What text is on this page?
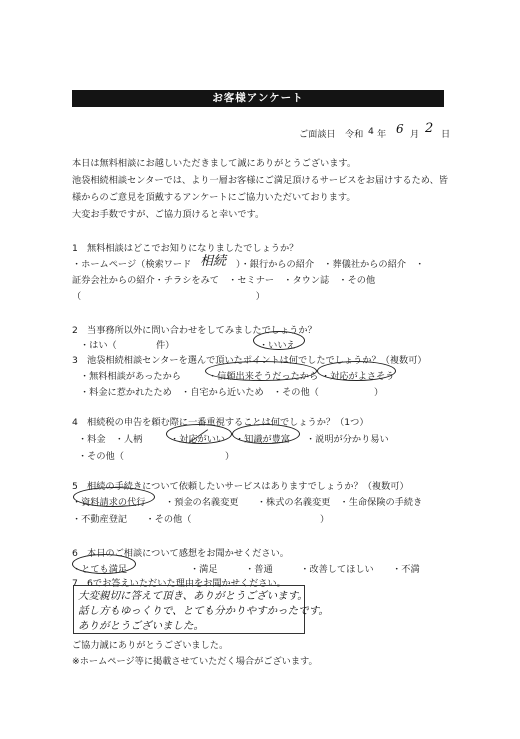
お客様アンケート
ご面談日　令和 4 年 6 月 2 日
本日は無料相談にお越しいただきまして誠にありがとうございます。
池袋相続相談センターでは、より一層お客様にご満足頂けるサービスをお届けするため、皆
様からのご意見を頂戴するアンケートにご協力いただいております。
大変お手数ですが、ご協力頂けると幸いです。
1　無料相談はどこでお知りになりましたでしょうか？
・ホームページ（検索ワード 相続 ）・銀行からの紹介　・葬儀社からの紹介　・
証券会社からの紹介・チラシをみて　・セミナー　・タウン誌　・その他
（　　　　　　　　　　　　　　　　　　　）
2　当事務所以外に問い合わせをしてみましたでしょうか？
・はい（	件）	・いいえ
3　池袋相続相談センターを選んで頂いたポイントは何でしたでしょうか？（複数可）
・無料相談があったから	・信頼出来そうだったから ・対応がよさそう
・料金に惹かれたため　・自宅から近いため　・その他（　　　　　　）
4　相続税の申告を頼む際に一番重視することは何でしょうか？（1つ）
・料金　・人柄	・対応がいい ・知識が豊富 ・説明が分かり易い
・その他（　　　　　　　　　　　）
5　相続の手続きについて依頼したいサービスはありますでしょうか？（複数可）
・資料請求の代行 ・預金の名義変更　　・株式の名義変更　・生命保険の手続き
・不動産登記　　・その他（　　　　　　　　　　　　　　）
6　本日のご相談について感想をお聞かせください。
・とても満足	・満足　　　・普通　　　・改善してほしい　　・不満
7　6でお答えいただいた理由をお聞かせください。
大変親切に答えて頂き、ありがとうございます。
話し方もゆっくりで、とても分かりやすかったです。
ありがとうございました。
ご協力誠にありがとうございました。
※ホームページ等に掲載させていただく場合がございます。
